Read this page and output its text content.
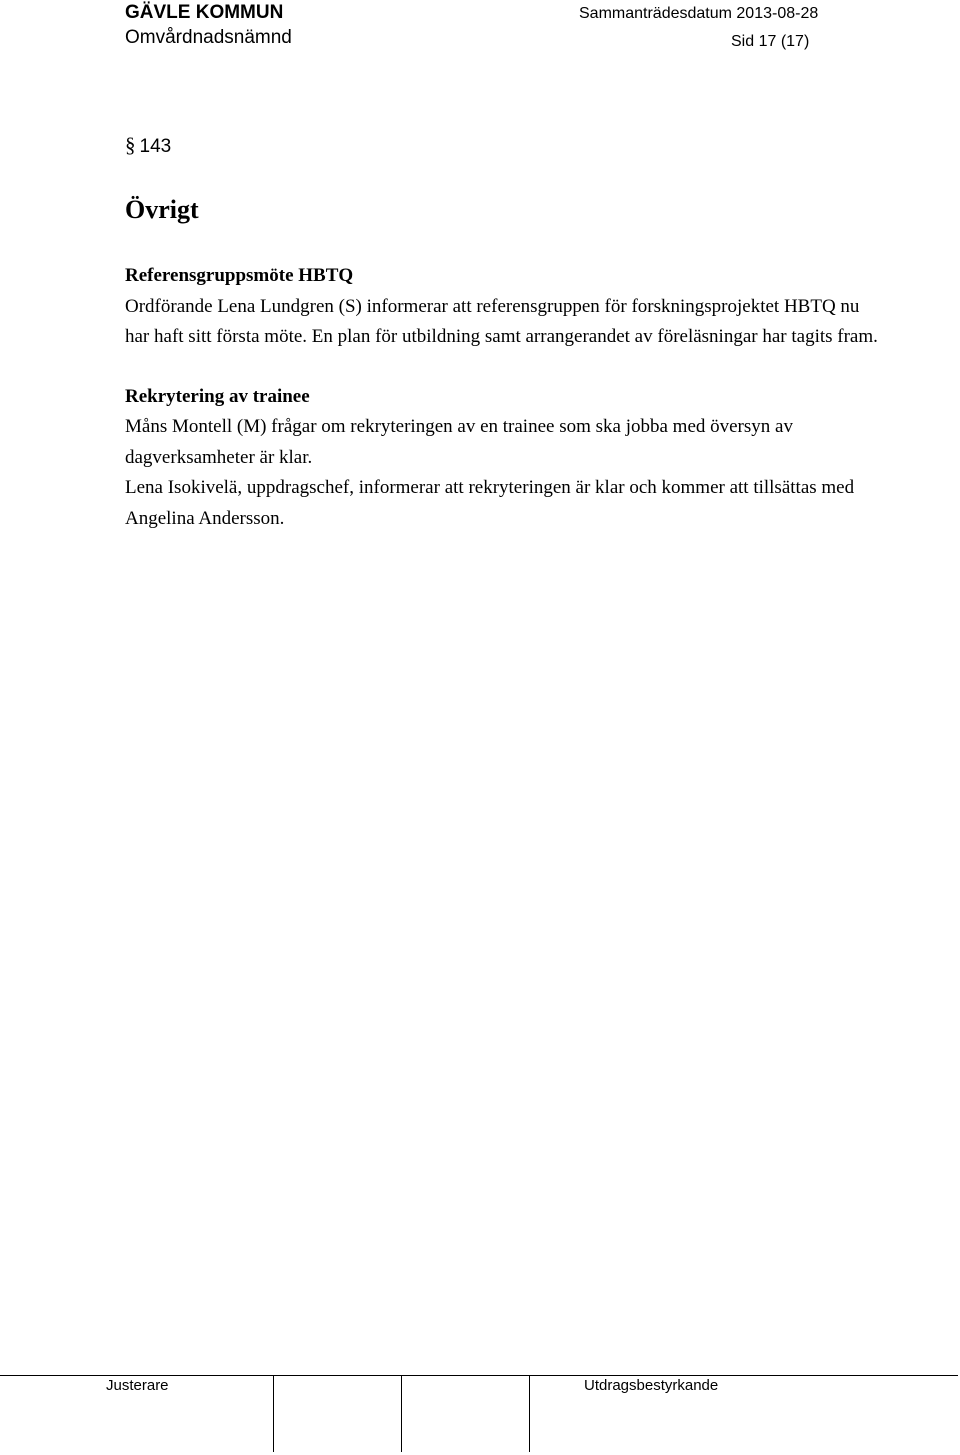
GÄVLE KOMMUN
Omvårdnadsnämnd
Sammanträdesdatum 2013-08-28
Sid 17 (17)
§ 143
Övrigt
Referensgruppsmöte HBTQ

Ordförande Lena Lundgren (S) informerar att referensgruppen för forskningsprojektet HBTQ nu har haft sitt första möte. En plan för utbildning samt arrangerandet av föreläsningar har tagits fram.

Rekrytering av trainee

Måns Montell (M) frågar om rekryteringen av en trainee som ska jobba med översyn av dagverksamheter är klar.

Lena Isokivelä, uppdragschef, informerar att rekryteringen är klar och kommer att tillsättas med Angelina Andersson.

Justerare	Utdragsbestyrkande
